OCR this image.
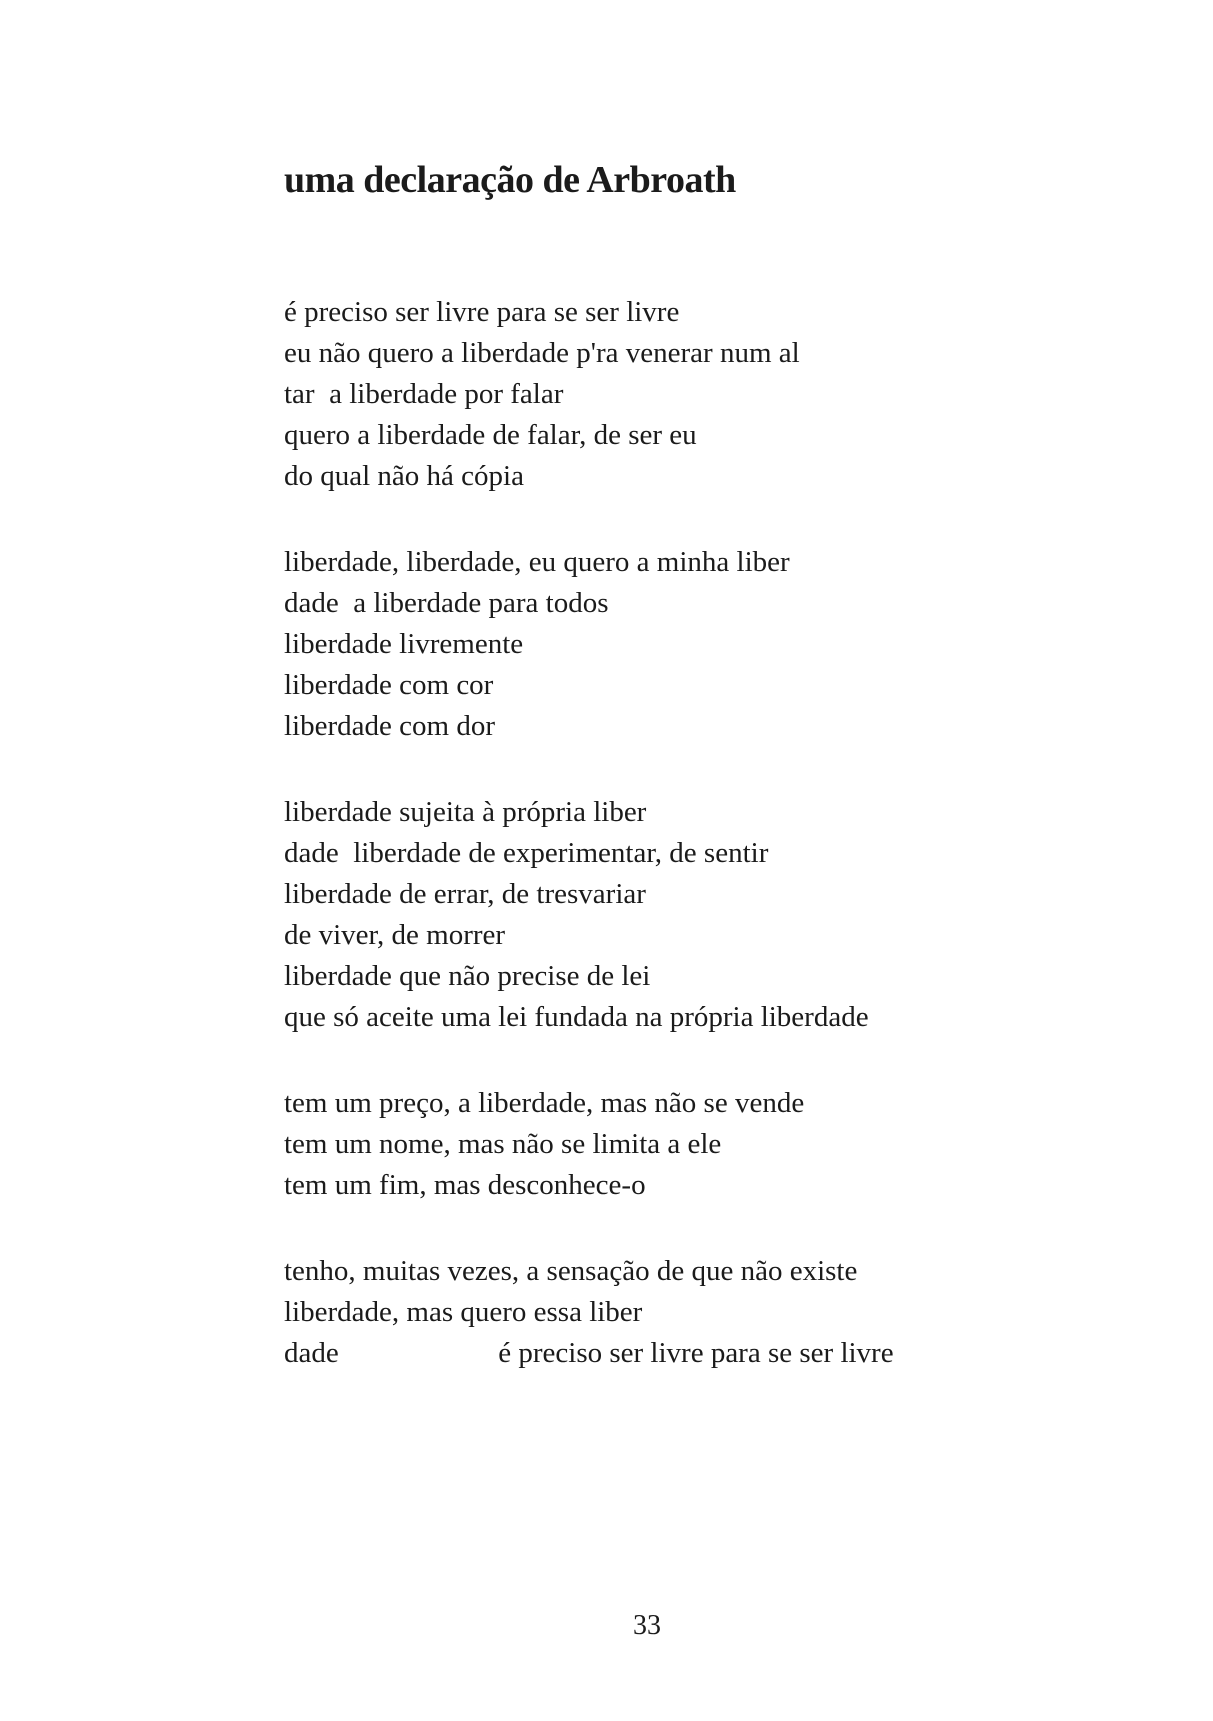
uma declaração de Arbroath
é preciso ser livre para se ser livre
eu não quero a liberdade p'ra venerar num al
tar  a liberdade por falar
quero a liberdade de falar, de ser eu
do qual não há cópia
liberdade, liberdade, eu quero a minha liber
dade  a liberdade para todos
liberdade livremente
liberdade com cor
liberdade com dor
liberdade sujeita à própria liber
dade  liberdade de experimentar, de sentir
liberdade de errar, de tresvariar
de viver, de morrer
liberdade que não precise de lei
que só aceite uma lei fundada na própria liberdade
tem um preço, a liberdade, mas não se vende
tem um nome, mas não se limita a ele
tem um fim, mas desconhece-o
tenho, muitas vezes, a sensação de que não existe
liberdade, mas quero essa liber
dade                      é preciso ser livre para se ser livre
33
